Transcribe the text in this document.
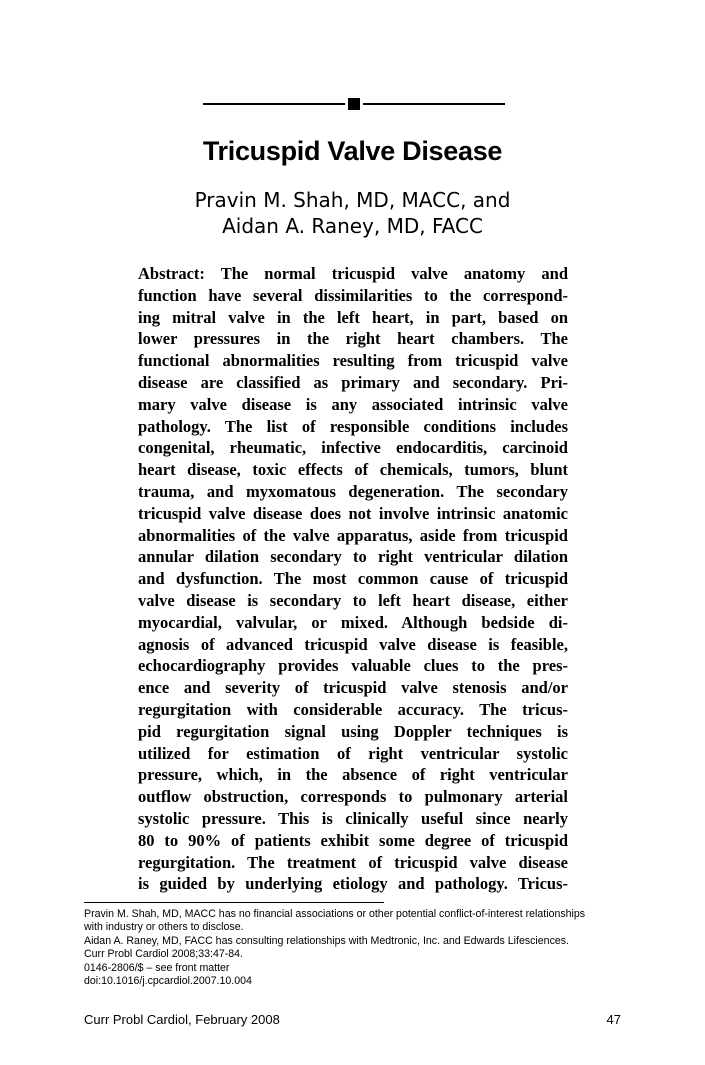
Tricuspid Valve Disease
Pravin M. Shah, MD, MACC, and
Aidan A. Raney, MD, FACC
Abstract: The normal tricuspid valve anatomy and
function have several dissimilarities to the correspond-
ing mitral valve in the left heart, in part, based on
lower pressures in the right heart chambers. The
functional abnormalities resulting from tricuspid valve
disease are classified as primary and secondary. Pri-
mary valve disease is any associated intrinsic valve
pathology. The list of responsible conditions includes
congenital, rheumatic, infective endocarditis, carcinoid
heart disease, toxic effects of chemicals, tumors, blunt
trauma, and myxomatous degeneration. The secondary
tricuspid valve disease does not involve intrinsic anatomic
abnormalities of the valve apparatus, aside from tricuspid
annular dilation secondary to right ventricular dilation
and dysfunction. The most common cause of tricuspid
valve disease is secondary to left heart disease, either
myocardial, valvular, or mixed. Although bedside di-
agnosis of advanced tricuspid valve disease is feasible,
echocardiography provides valuable clues to the pres-
ence and severity of tricuspid valve stenosis and/or
regurgitation with considerable accuracy. The tricus-
pid regurgitation signal using Doppler techniques is
utilized for estimation of right ventricular systolic
pressure, which, in the absence of right ventricular
outflow obstruction, corresponds to pulmonary arterial
systolic pressure. This is clinically useful since nearly
80 to 90% of patients exhibit some degree of tricuspid
regurgitation. The treatment of tricuspid valve disease
is guided by underlying etiology and pathology. Tricus-
Pravin M. Shah, MD, MACC has no financial associations or other potential conflict-of-interest relationships
with industry or others to disclose.
Aidan A. Raney, MD, FACC has consulting relationships with Medtronic, Inc. and Edwards Lifesciences.
Curr Probl Cardiol 2008;33:47-84.
0146-2806/$ – see front matter
doi:10.1016/j.cpcardiol.2007.10.004
Curr Probl Cardiol, February 2008	47
